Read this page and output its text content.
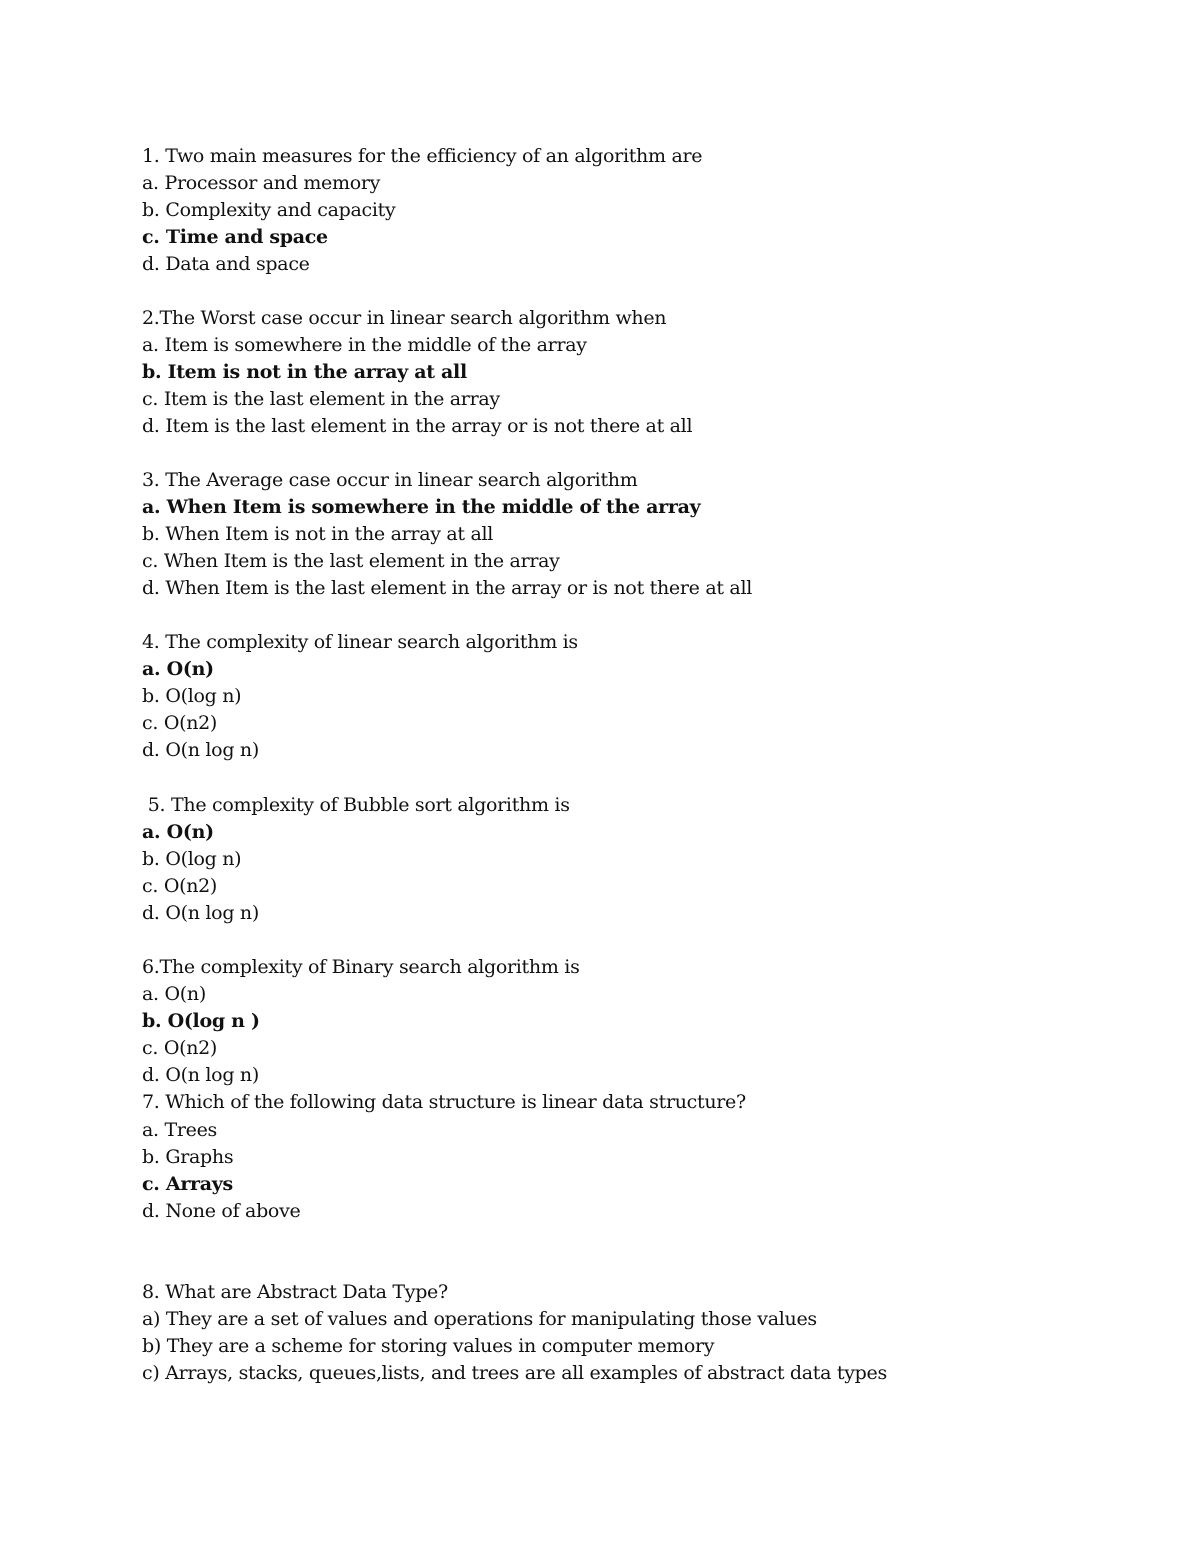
1. Two main measures for the efficiency of an algorithm are

a. Processor and memory

b. Complexity and capacity

c. Time and space

d. Data and space

2.The Worst case occur in linear search algorithm when

a. Item is somewhere in the middle of the array

b. Item is not in the array at all

c. Item is the last element in the array

d. Item is the last element in the array or is not there at all

3. The Average case occur in linear search algorithm

a. When Item is somewhere in the middle of the array

b. When Item is not in the array at all

c. When Item is the last element in the array

d. When Item is the last element in the array or is not there at all

4. The complexity of linear search algorithm is

a. O(n)

b. O(log n)

c. O(n2)

d. O(n log n)

5. The complexity of Bubble sort algorithm is

a. O(n)

b. O(log n)

c. O(n2)

d. O(n log n)

6.The complexity of Binary search algorithm is

a. O(n)

b. O(log n )

c. O(n2)

d. O(n log n)

7. Which of the following data structure is linear data structure?

a. Trees

b. Graphs

c. Arrays

d. None of above

8. What are Abstract Data Type?

a) They are a set of values and operations for manipulating those values

b) They are a scheme for storing values in computer memory

c) Arrays, stacks, queues,lists, and trees are all examples of abstract data types
